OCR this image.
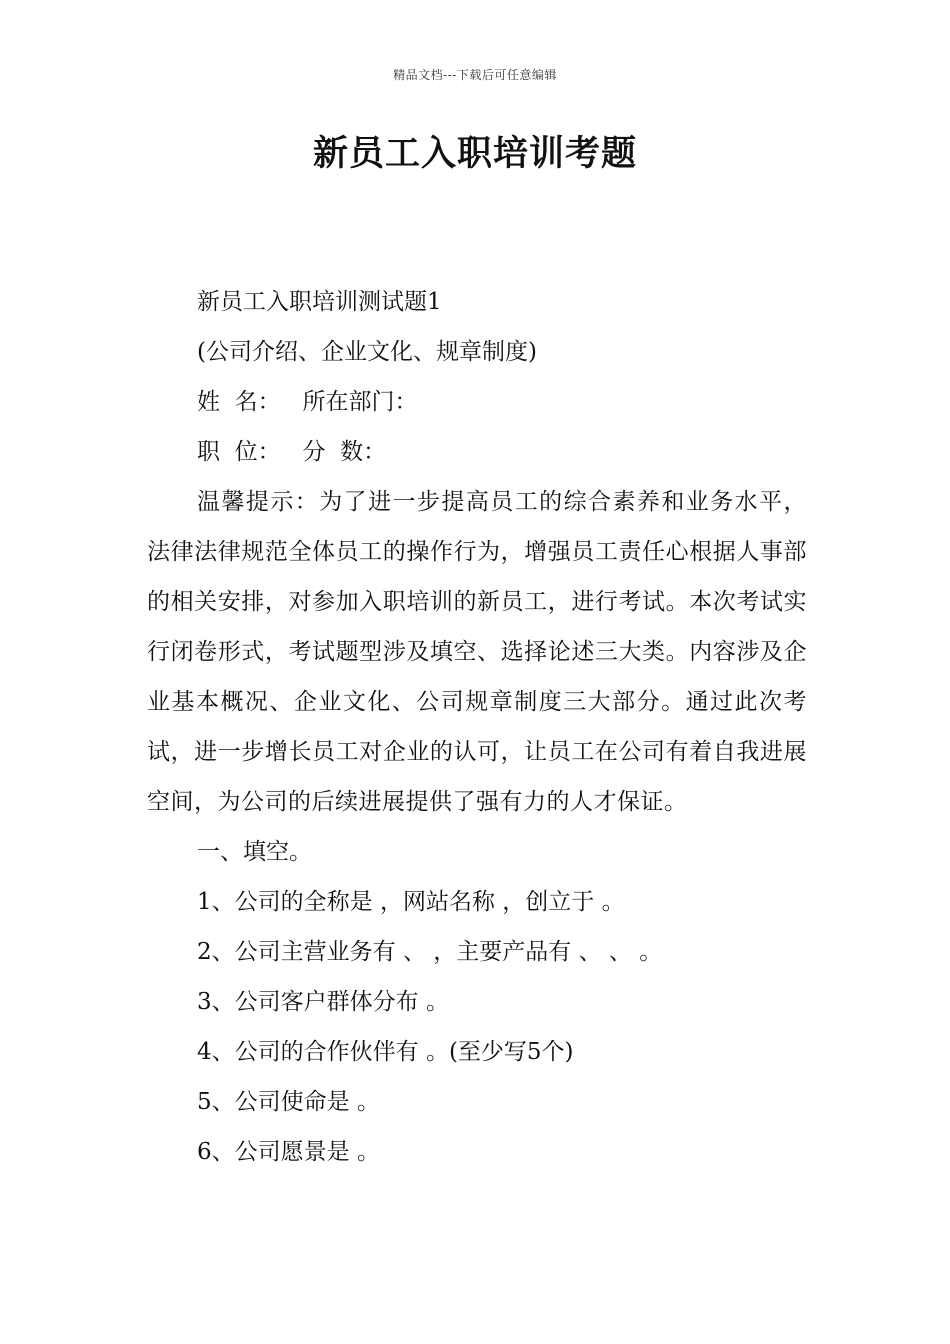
精品文档---下载后可任意编辑
新员工入职培训考题

新员工入职培训测试题1

(公司介绍、企业文化、规章制度)

姓  名：   所在部门：

职  位：   分  数：

温馨提示：为了进一步提高员工的综合素养和业务水平，法律法律规范全体员工的操作行为，增强员工责任心根据人事部的相关安排，对参加入职培训的新员工，进行考试。本次考试实行闭卷形式，考试题型涉及填空、选择论述三大类。内容涉及企业基本概况、企业文化、公司规章制度三大部分。通过此次考试，进一步增长员工对企业的认可，让员工在公司有着自我进展空间，为公司的后续进展提供了强有力的人才保证。

一、填空。

1、公司的全称是 ，网站名称 ，创立于 。

2、公司主营业务有 、 ，主要产品有 、 、 。

3、公司客户群体分布 。

4、公司的合作伙伴有 。(至少写5个)

5、公司使命是 。

6、公司愿景是 。
